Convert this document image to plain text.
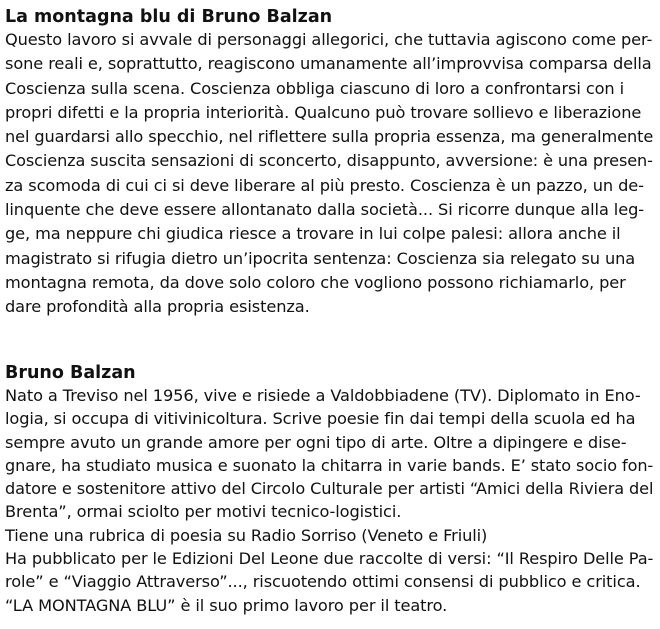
La montagna blu di Bruno Balzan
Questo lavoro si avvale di personaggi allegorici, che tuttavia agiscono come per-
sone reali e, soprattutto, reagiscono umanamente all’improvvisa comparsa della
Coscienza sulla scena. Coscienza obbliga ciascuno di loro a confrontarsi con i
propri difetti e la propria interiorità. Qualcuno può trovare sollievo e liberazione
nel guardarsi allo specchio, nel riflettere sulla propria essenza, ma generalmente
Coscienza suscita sensazioni di sconcerto, disappunto, avversione: è una presen-
za scomoda di cui ci si deve liberare al più presto. Coscienza è un pazzo, un de-
linquente che deve essere allontanato dalla società... Si ricorre dunque alla leg-
ge, ma neppure chi giudica riesce a trovare in lui colpe palesi: allora anche il
magistrato si rifugia dietro un’ipocrita sentenza: Coscienza sia relegato su una
montagna remota, da dove solo coloro che vogliono possono richiamarlo, per
dare profondità alla propria esistenza.
Bruno Balzan
Nato a Treviso nel 1956, vive e risiede a Valdobbiadene (TV). Diplomato in Eno-
logia, si occupa di vitivinicoltura. Scrive poesie fin dai tempi della scuola ed ha
sempre avuto un grande amore per ogni tipo di arte. Oltre a dipingere e dise-
gnare, ha studiato musica e suonato la chitarra in varie bands. E’ stato socio fon-
datore e sostenitore attivo del Circolo Culturale per artisti “Amici della Riviera del
Brenta”, ormai sciolto per motivi tecnico-logistici.
Tiene una rubrica di poesia su Radio Sorriso (Veneto e Friuli)
Ha pubblicato per le Edizioni Del Leone due raccolte di versi: “Il Respiro Delle Pa-
role” e “Viaggio Attraverso”..., riscuotendo ottimi consensi di pubblico e critica.
“LA MONTAGNA BLU” è il suo primo lavoro per il teatro.
